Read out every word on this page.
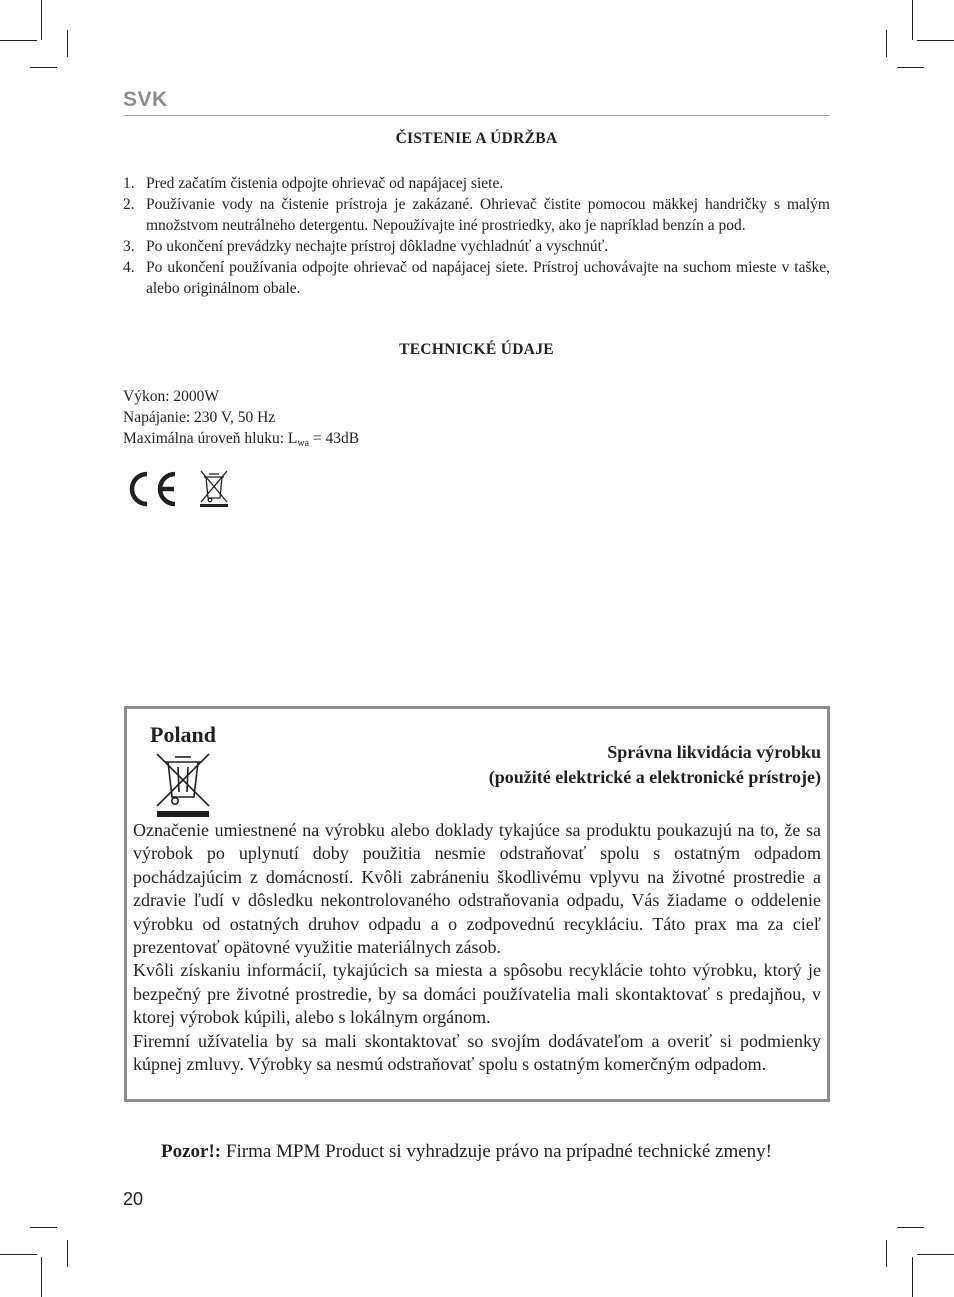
SVK
ČISTENIE A ÚDRŽBA
1. Pred začatím čistenia odpojte ohrievač od napájacej siete.
2. Používanie vody na čistenie prístroja je zakázané. Ohrievač čistite pomocou mäkkej handričky s malým množstvom neutrálneho detergentu. Nepoužívajte iné prostriedky, ako je napríklad benzín a pod.
3. Po ukončení prevádzky nechajte prístroj dôkladne vychladnúť a vyschnúť.
4. Po ukončení používania odpojte ohrievač od napájacej siete. Prístroj uchovávajte na suchom mieste v taške, alebo originálnom obale.
TECHNICKÉ ÚDAJE
Výkon: 2000W
Napájanie: 230 V, 50 Hz
Maximálna úroveň hluku: $L_{wa} = 43dB$
Poland
Správna likvidácia výrobku
(použité elektrické a elektronické prístroje)

Označenie umiestnené na výrobku alebo doklady tykajúce sa produktu poukazujú na to, že sa výrobok po uplynutí doby použitia nesmie odstraňovať spolu s ostatným odpadom pochádzajúcim z domácností. Kvôli zabráneniu škodlivému vplyvu na životné prostredie a zdravie ľudí v dôsledku nekontrolovaného odstraňovania odpadu, Vás žiadame o oddelenie výrobku od ostatných druhov odpadu a o zodpovednú recykláciu. Táto prax ma za cieľ prezentovať opätovné využitie materiálnych zásob.

Kvôli získaniu informácií, tykajúcich sa miesta a spôsobu recyklácie tohto výrobku, ktorý je bezpečný pre životné prostredie, by sa domáci používatelia mali skontaktovať s predajňou, v ktorej výrobok kúpili, alebo s lokálnym orgánom.

Firemní užívatelia by sa mali skontaktovať so svojím dodávateľom a overiť si podmienky kúpnej zmluvy. Výrobky sa nesmú odstraňovať spolu s ostatným komerčným odpadom.

Pozor!: Firma MPM Product si vyhradzuje právo na prípadné technické zmeny!
20
